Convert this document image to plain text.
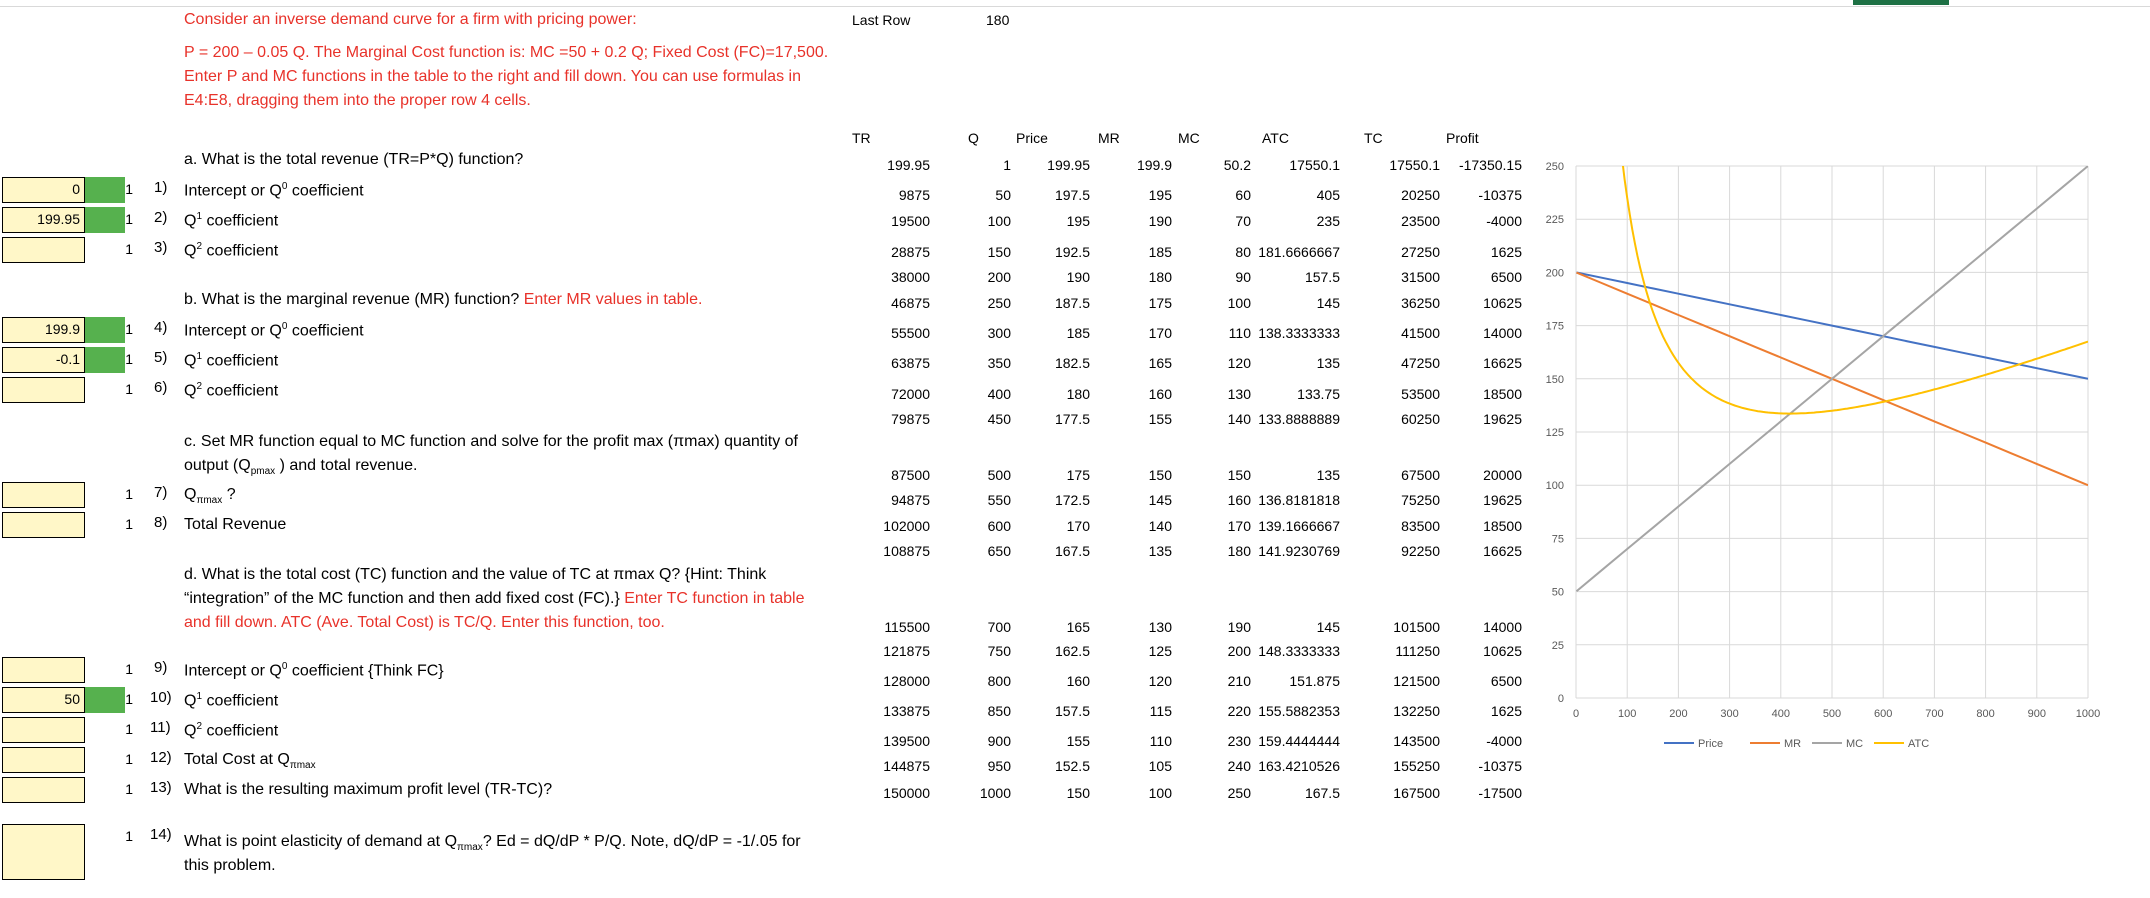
Consider an inverse demand curve for a firm with pricing power:
P = 200 – 0.05 Q. The Marginal Cost function is: MC =50 + 0.2 Q; Fixed Cost (FC)=17,500.
Enter P and MC functions in the table to the right and fill down. You can use formulas in
E4:E8, dragging them into the proper row 4 cells.
Last Row	180
a. What is the total revenue (TR=P*Q) function?
b. What is the marginal revenue (MR) function? Enter MR values in table.
c. Set MR function equal to MC function and solve for the profit max (πmax) quantity of
output ($Q_{pmax}$ ) and total revenue.
d. What is the total cost (TC) function and the value of TC at πmax Q? {Hint: Think
“integration” of the MC function and then add fixed cost (FC).} Enter TC function in table
and fill down. ATC (Ave. Total Cost) is TC/Q. Enter this function, too.
0	1 1) Intercept or $Q^0$ coefficient
199.95	1 2) $Q^1$ coefficient
1 3) $Q^2$ coefficient
199.9	1 4) Intercept or $Q^0$ coefficient
-0.1	1 5) $Q^1$ coefficient
1 6) $Q^2$ coefficient
1 7) $Q_{\pi max}$ ?
1 8) Total Revenue
1 9) Intercept or $Q^0$ coefficient {Think FC}
50	1 10) $Q^1$ coefficient
1 11) $Q^2$ coefficient
1 12) Total Cost at $Q_{\pi max}$
1 13) What is the resulting maximum profit level (TR-TC)?
1 14) What is point elasticity of demand at $Q_{\pi max}$? Ed = dQ/dP * P/Q. Note, dQ/dP = -1/.05 for
this problem.
TR	Q	Price	MR	MC	ATC	TC	Profit
199.95	1	199.95	199.9	50.2	17550.1	17550.1	-17350.15
9875	50	197.5	195	60	405	20250	-10375
19500	100	195	190	70	235	23500	-4000
28875	150	192.5	185	80 181.6666667	27250	1625
38000	200	190	180	90	157.5	31500	6500
46875	250	187.5	175	100	145	36250	10625
55500	300	185	170	110 138.3333333	41500	14000
63875	350	182.5	165	120	135	47250	16625
72000	400	180	160	130	133.75	53500	18500
79875	450	177.5	155	140 133.8888889	60250	19625
87500	500	175	150	150	135	67500	20000
94875	550	172.5	145	160 136.8181818	75250	19625
102000	600	170	140	170 139.1666667	83500	18500
108875	650	167.5	135	180 141.9230769	92250	16625
115500	700	165	130	190	145	101500	14000
121875	750	162.5	125	200 148.3333333	111250	10625
128000	800	160	120	210	151.875	121500	6500
133875	850	157.5	115	220 155.5882353	132250	1625
139500	900	155	110	230 159.4444444	143500	-4000
144875	950	152.5	105	240 163.4210526	155250	-10375
150000	1000	150	100	250	167.5	167500	-17500
0
25
50
75
100
125
150
175
200
225
250
0	100	200	300	400	500	600	700	800	900	1000
Price	MR	MC	ATC
